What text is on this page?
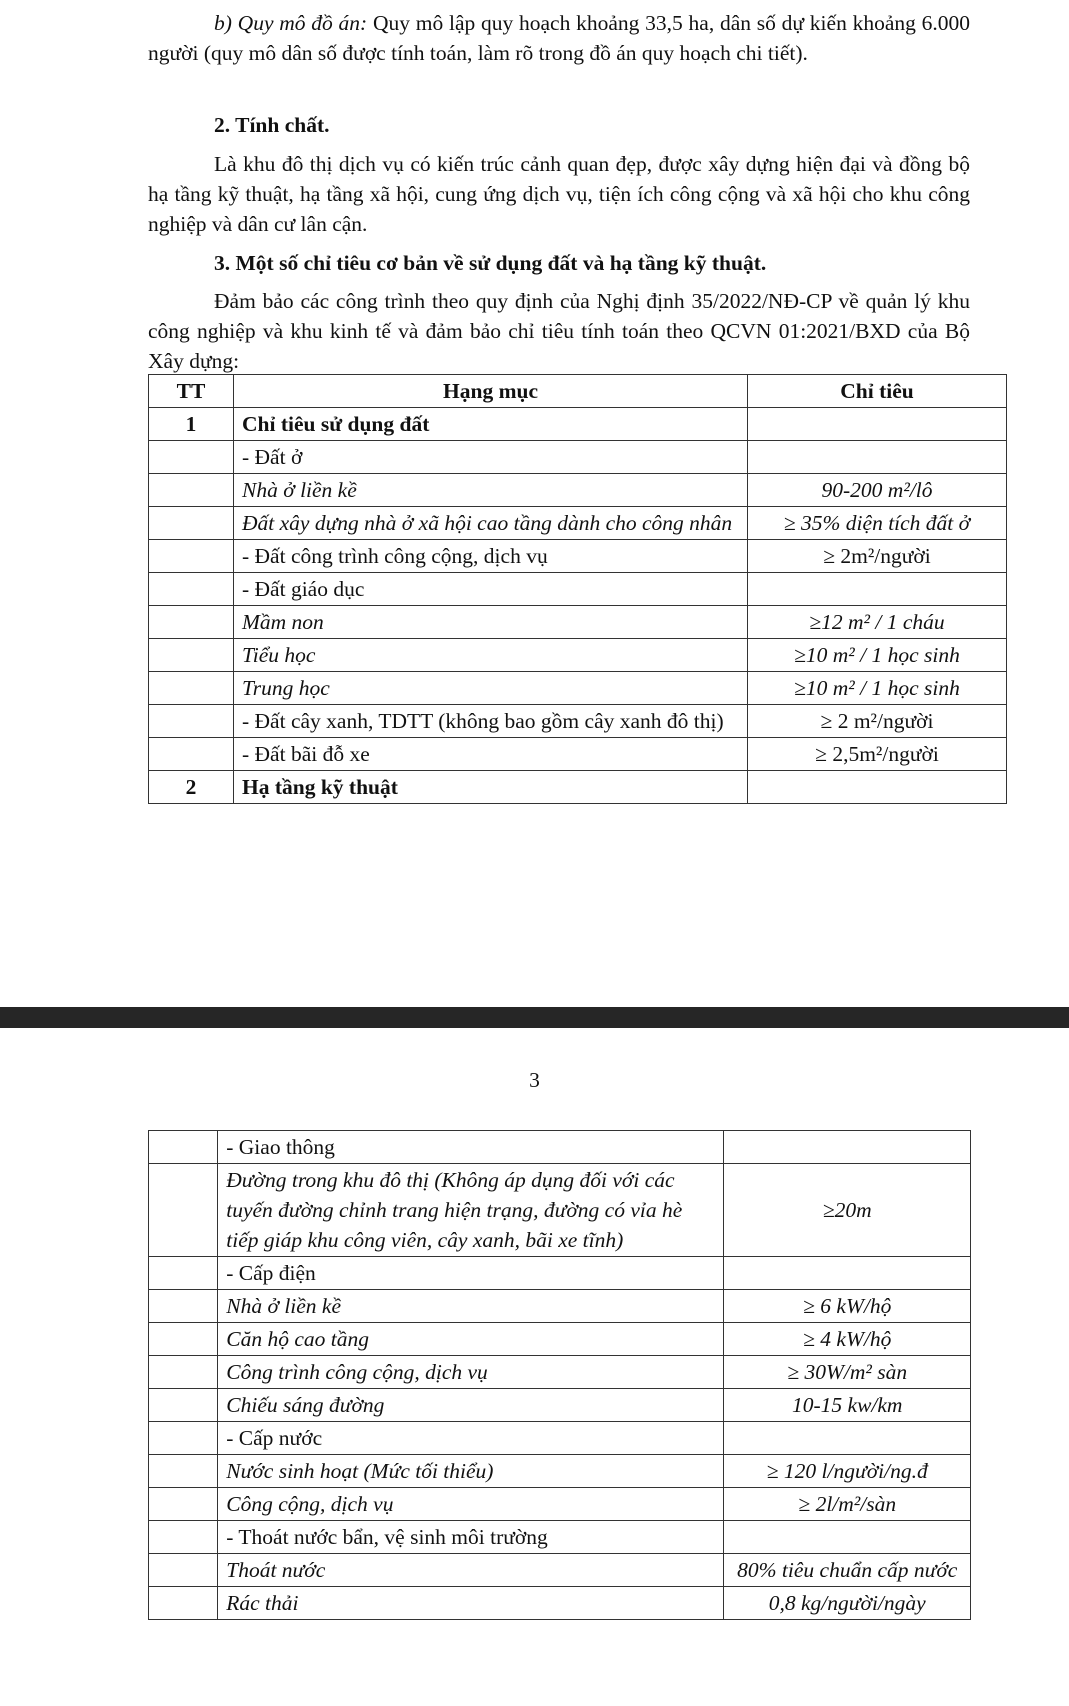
b) Quy mô đồ án: Quy mô lập quy hoạch khoảng 33,5 ha, dân số dự kiến khoảng 6.000 người (quy mô dân số được tính toán, làm rõ trong đồ án quy hoạch chi tiết).
2. Tính chất.
Là khu đô thị dịch vụ có kiến trúc cảnh quan đẹp, được xây dựng hiện đại và đồng bộ hạ tầng kỹ thuật, hạ tầng xã hội, cung ứng dịch vụ, tiện ích công cộng và xã hội cho khu công nghiệp và dân cư lân cận.
3. Một số chỉ tiêu cơ bản về sử dụng đất và hạ tầng kỹ thuật.
Đảm bảo các công trình theo quy định của Nghị định 35/2022/NĐ-CP về quản lý khu công nghiệp và khu kinh tế và đảm bảo chỉ tiêu tính toán theo QCVN 01:2021/BXD của Bộ Xây dựng:
TT	Hạng mục	Chỉ tiêu
1	Chỉ tiêu sử dụng đất	
	- Đất ở	
	Nhà ở liền kề	90-200 m²/lô
	Đất xây dựng nhà ở xã hội cao tầng dành cho công nhân	≥ 35% diện tích đất ở
	- Đất công trình công cộng, dịch vụ	≥ 2m²/người
	- Đất giáo dục	
	Mầm non	≥12 m² / 1 cháu
	Tiểu học	≥10 m² / 1 học sinh
	Trung học	≥10 m² / 1 học sinh
	- Đất cây xanh, TDTT (không bao gồm cây xanh đô thị)	≥ 2 m²/người
	- Đất bãi đỗ xe	≥ 2,5m²/người
2	Hạ tầng kỹ thuật	
3
	- Giao thông	
	Đường trong khu đô thị (Không áp dụng đối với các tuyến đường chỉnh trang hiện trạng, đường có vỉa hè tiếp giáp khu công viên, cây xanh, bãi xe tĩnh)	≥20m
	- Cấp điện	
	Nhà ở liền kề	≥ 6 kW/hộ
	Căn hộ cao tầng	≥ 4 kW/hộ
	Công trình công cộng, dịch vụ	≥ 30W/m² sàn
	Chiếu sáng đường	10-15 kw/km
	- Cấp nước	
	Nước sinh hoạt (Mức tối thiểu)	≥ 120 l/người/ng.đ
	Công cộng, dịch vụ	≥ 2l/m²/sàn
	- Thoát nước bẩn, vệ sinh môi trường	
	Thoát nước	80% tiêu chuẩn cấp nước
	Rác thải	0,8 kg/người/ngày
